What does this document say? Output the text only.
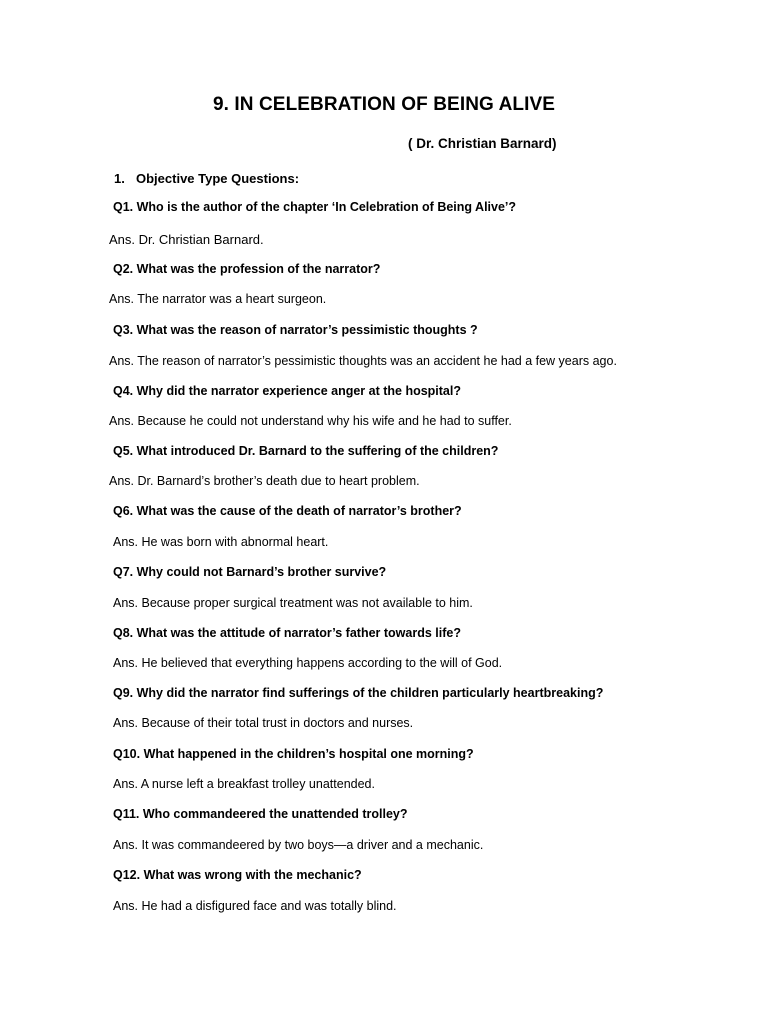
9. IN CELEBRATION OF BEING ALIVE
( Dr. Christian Barnard)
1. Objective Type Questions:
Q1. Who is the author of the chapter ‘In Celebration of Being Alive’?
Ans. Dr. Christian Barnard.
Q2. What was the profession of the narrator?
Ans. The narrator was a heart surgeon.
Q3. What was the reason of narrator’s pessimistic thoughts ?
Ans. The reason of narrator’s pessimistic thoughts was an accident he had a few years ago.
Q4. Why did the narrator experience anger at the hospital?
Ans. Because he could not understand why his wife and he had to suffer.
Q5. What introduced Dr. Barnard to the suffering of the children?
Ans. Dr. Barnard’s brother’s death due to heart problem.
Q6. What was the cause of the death of narrator’s brother?
Ans. He was born with abnormal heart.
Q7. Why could not Barnard’s brother survive?
Ans. Because proper surgical treatment was not available to him.
Q8. What was the attitude of narrator’s father towards life?
Ans. He believed that everything happens according to the will of God.
Q9. Why did the narrator find sufferings of the children particularly heartbreaking?
Ans. Because of their total trust in doctors and nurses.
Q10. What happened in the children’s hospital one morning?
Ans. A nurse left a breakfast trolley unattended.
Q11. Who commandeered the unattended trolley?
Ans. It was commandeered by two boys—a driver and a mechanic.
Q12. What was wrong with the mechanic?
Ans. He had a disfigured face and was totally blind.
